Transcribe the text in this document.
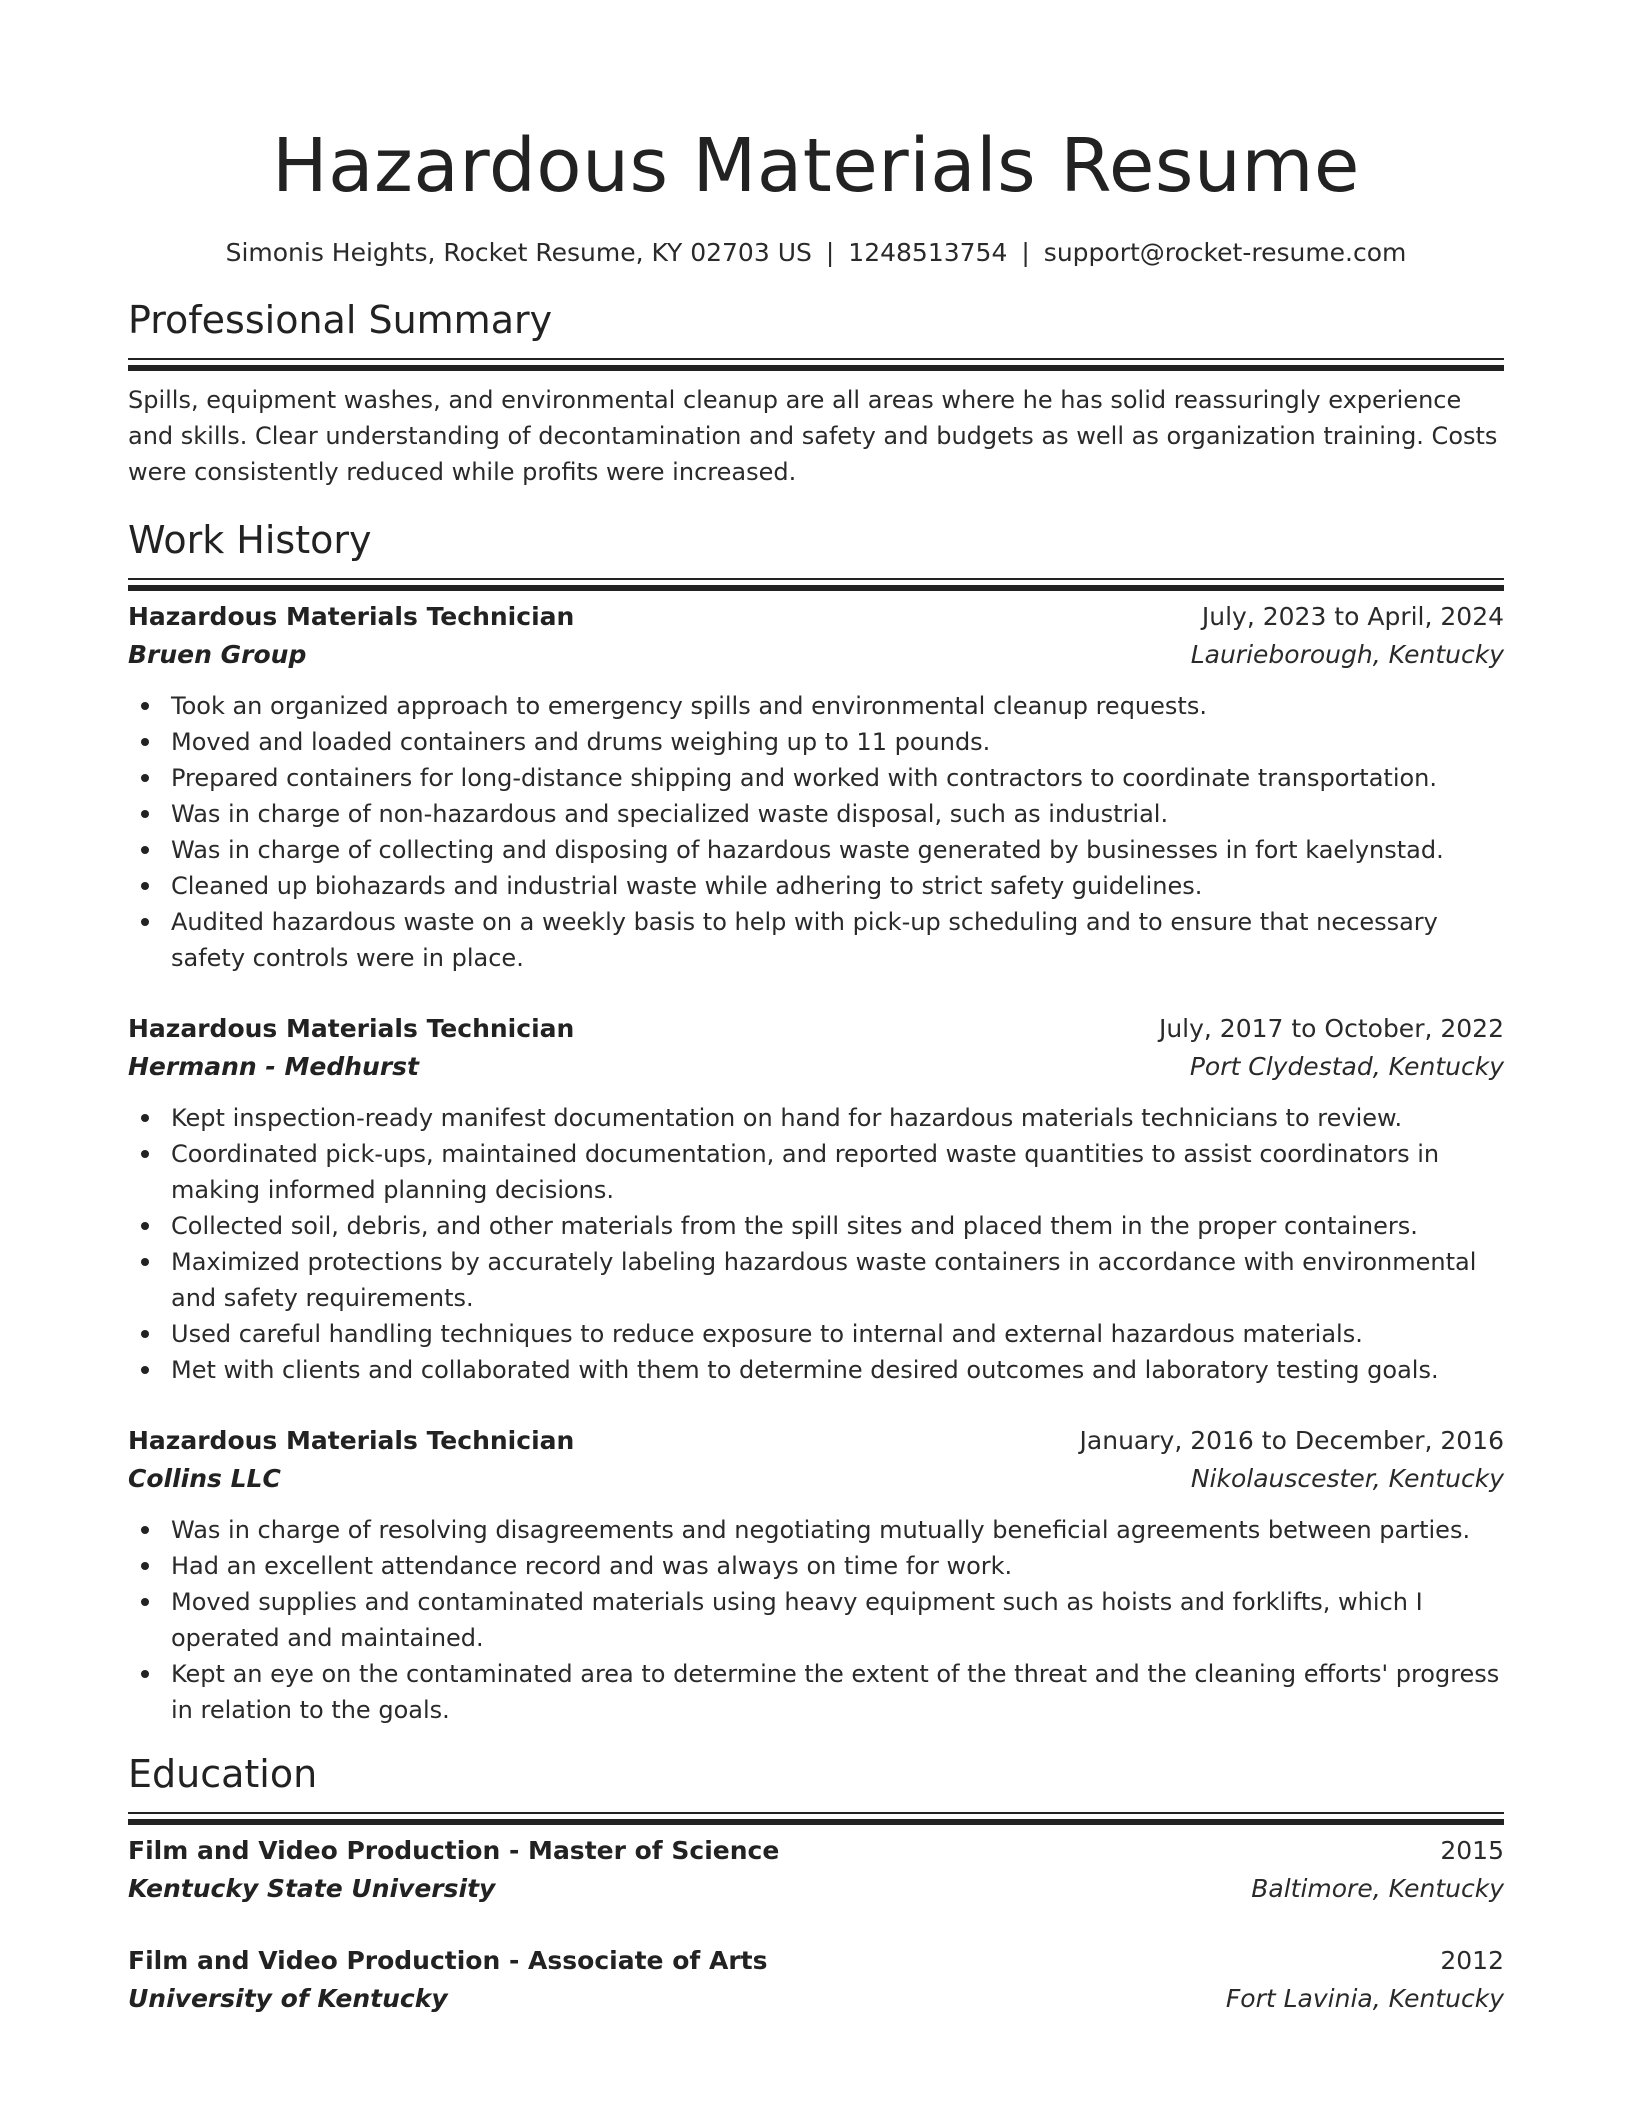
Hazardous Materials Resume
Simonis Heights, Rocket Resume, KY 02703 US | 1248513754 | support@rocket-resume.com
Professional Summary

Spills, equipment washes, and environmental cleanup are all areas where he has solid reassuringly experience and skills. Clear understanding of decontamination and safety and budgets as well as organization training. Costs were consistently reduced while profits were increased.

Work History
Hazardous Materials Technician	July, 2023 to April, 2024
Bruen Group	Laurieborough, Kentucky
Took an organized approach to emergency spills and environmental cleanup requests.
Moved and loaded containers and drums weighing up to 11 pounds.
Prepared containers for long-distance shipping and worked with contractors to coordinate transportation.
Was in charge of non-hazardous and specialized waste disposal, such as industrial.
Was in charge of collecting and disposing of hazardous waste generated by businesses in fort kaelynstad.
Cleaned up biohazards and industrial waste while adhering to strict safety guidelines.
Audited hazardous waste on a weekly basis to help with pick-up scheduling and to ensure that necessary safety controls were in place.
Hazardous Materials Technician	July, 2017 to October, 2022
Hermann - Medhurst	Port Clydestad, Kentucky
Kept inspection-ready manifest documentation on hand for hazardous materials technicians to review.
Coordinated pick-ups, maintained documentation, and reported waste quantities to assist coordinators in making informed planning decisions.
Collected soil, debris, and other materials from the spill sites and placed them in the proper containers.
Maximized protections by accurately labeling hazardous waste containers in accordance with environmental and safety requirements.
Used careful handling techniques to reduce exposure to internal and external hazardous materials.
Met with clients and collaborated with them to determine desired outcomes and laboratory testing goals.
Hazardous Materials Technician	January, 2016 to December, 2016
Collins LLC	Nikolauscester, Kentucky
Was in charge of resolving disagreements and negotiating mutually beneficial agreements between parties.
Had an excellent attendance record and was always on time for work.
Moved supplies and contaminated materials using heavy equipment such as hoists and forklifts, which I operated and maintained.
Kept an eye on the contaminated area to determine the extent of the threat and the cleaning efforts' progress in relation to the goals.
Education
Film and Video Production - Master of Science	2015
Kentucky State University	Baltimore, Kentucky
Film and Video Production - Associate of Arts	2012
University of Kentucky	Fort Lavinia, Kentucky
